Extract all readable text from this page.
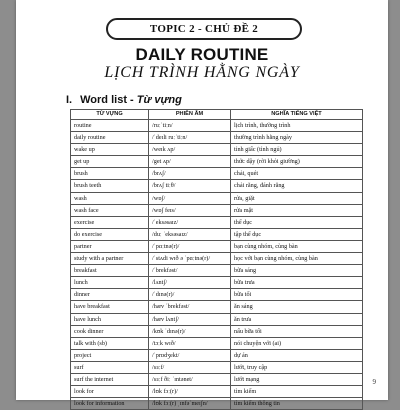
TOPIC 2 - CHỦ ĐỀ 2
DAILY ROUTINE
LỊCH TRÌNH HẰNG NGÀY
I. Word list - Từ vựng
TỪ VỰNG	PHIÊN ÂM	NGHĨA TIẾNG VIỆT
routine	/ruːˈtiːn/	lịch trình, thường trình
daily routine	/ˈdeɪli ruːˈtiːn/	thường trình hằng ngày
wake up	/weɪk ʌp/	tỉnh giấc (tỉnh ngủ)
get up	/get ʌp/	thức dậy (rời khỏi giường)
brush	/brʌʃ/	chải, quét
brush teeth	/brʌʃ tiːθ/	chải răng, đánh răng
wash	/wɒʃ/	rửa, giặt
wash face	/wɒʃ feɪs/	rửa mặt
exercise	/ˈeksəsaɪz/	thể dục
do exercise	/duː ˈeksəsaɪz/	tập thể dục
partner	/ˈpɑːtnə(r)/	bạn cùng nhóm, cùng bàn
study with a partner	/ˈstʌdi wɪð ə ˈpɑːtnə(r)/	học với bạn cùng nhóm, cùng bàn
breakfast	/ˈbrekfəst/	bữa sáng
lunch	/lʌntʃ/	bữa trưa
dinner	/ˈdɪnə(r)/	bữa tối
have breakfast	/hæv ˈbrekfəst/	ăn sáng
have lunch	/hæv lʌntʃ/	ăn trưa
cook dinner	/kʊk ˈdɪnə(r)/	nấu bữa tối
talk with (sb)	/tɔːk wɪð/	nói chuyện với (ai)
project	/ˈprɒdʒekt/	dự án
surf	/sɜːf/	lướt, truy cập
surf the internet	/sɜːf ðiː ˈɪntənet/	lướt mạng
look for	/lʊk fɔː(r)/	tìm kiếm
look for information	/lʊk fɔː(r) ˌɪnfəˈmeɪʃn/	tìm kiếm thông tin
9
